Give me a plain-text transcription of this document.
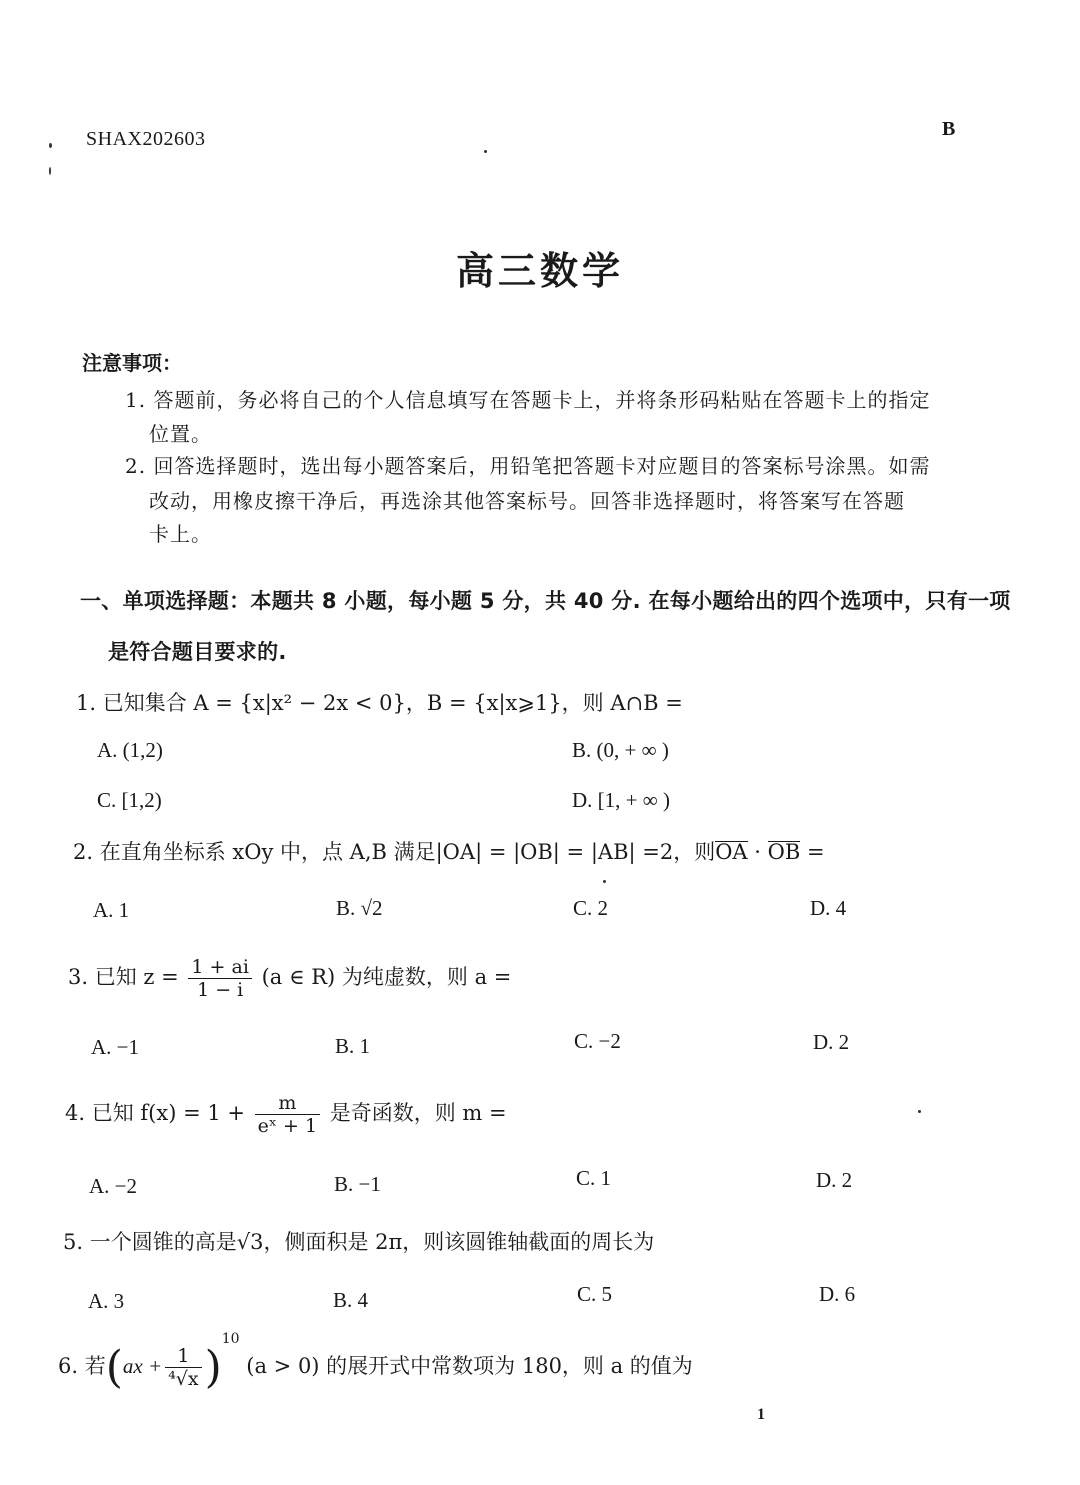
SHAX202603	B
高三数学
注意事项：
1. 答题前，务必将自己的个人信息填写在答题卡上，并将条形码粘贴在答题卡上的指定
位置。
2. 回答选择题时，选出每小题答案后，用铅笔把答题卡对应题目的答案标号涂黑。如需
改动，用橡皮擦干净后，再选涂其他答案标号。回答非选择题时，将答案写在答题
卡上。
一、单项选择题：本题共 8 小题，每小题 5 分，共 40 分. 在每小题给出的四个选项中，只有一项
是符合题目要求的.
1. 已知集合 A = {x|x² − 2x < 0}，B = {x|x⩾1}，则 A∩B =
A. (1,2)	B. (0, + ∞ )
C. [1,2)	D. [1, + ∞ )
2. 在直角坐标系 xOy 中，点 A,B 满足|OA| = |OB| = |AB| =2，则OA · OB =
A. 1	B. √2	C. 2	D. 4
3. 已知 $z = \frac{1 + ai}{1 - i} (a$ ∈ R) 为纯虚数，则 a =
A. −1	B. 1	C. −2	D. 2
4. 已知 $f(x) = 1 + \frac{m}{\text{eˣ + 1}}$ 是奇函数，则 m =
A. −2	B. −1	C. 1	D. 2
5. 一个圆锥的高是√3，侧面积是 2π，则该圆锥轴截面的周长为
A. 3	B. 4	C. 5	D. 6
6. 若$(ax + \frac{1}{\text{⁴√x}} )^{10}$ (a > 0) 的展开式中常数项为 180，则 a 的值为
1
